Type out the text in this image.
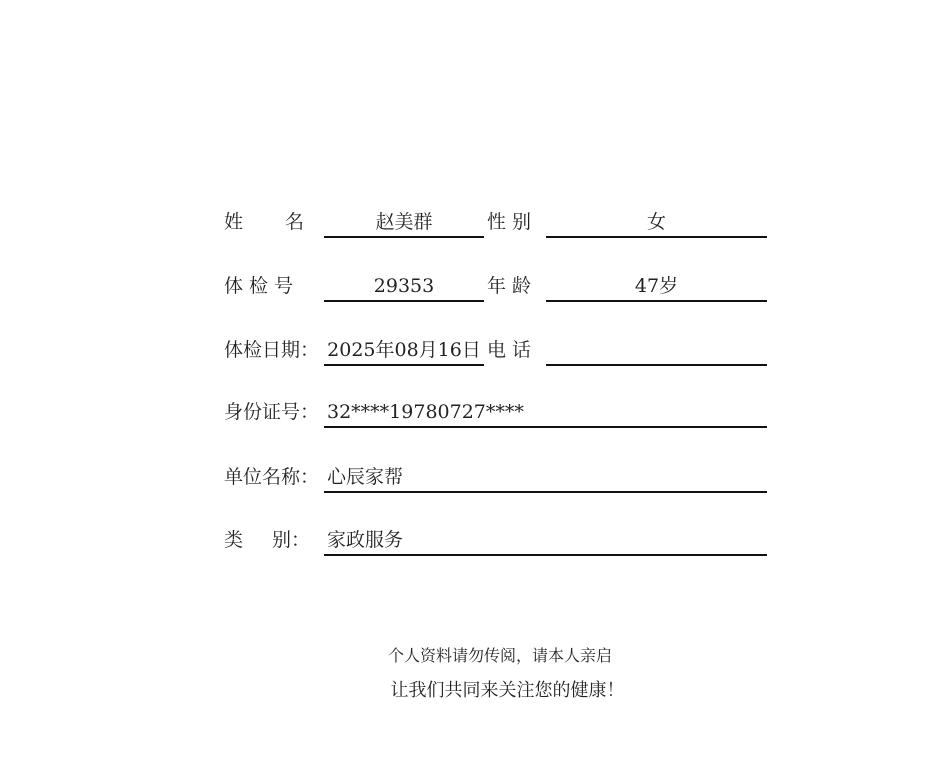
姓 名	赵美群	性 别	女
体 检 号	29353	年 龄	47岁
体检日期： 2025年08月16日 电 话
身份证号： 32****19780727****
单位名称： 心辰家帮
类 别： 家政服务
个人资料请勿传阅，请本人亲启
让我们共同来关注您的健康！
